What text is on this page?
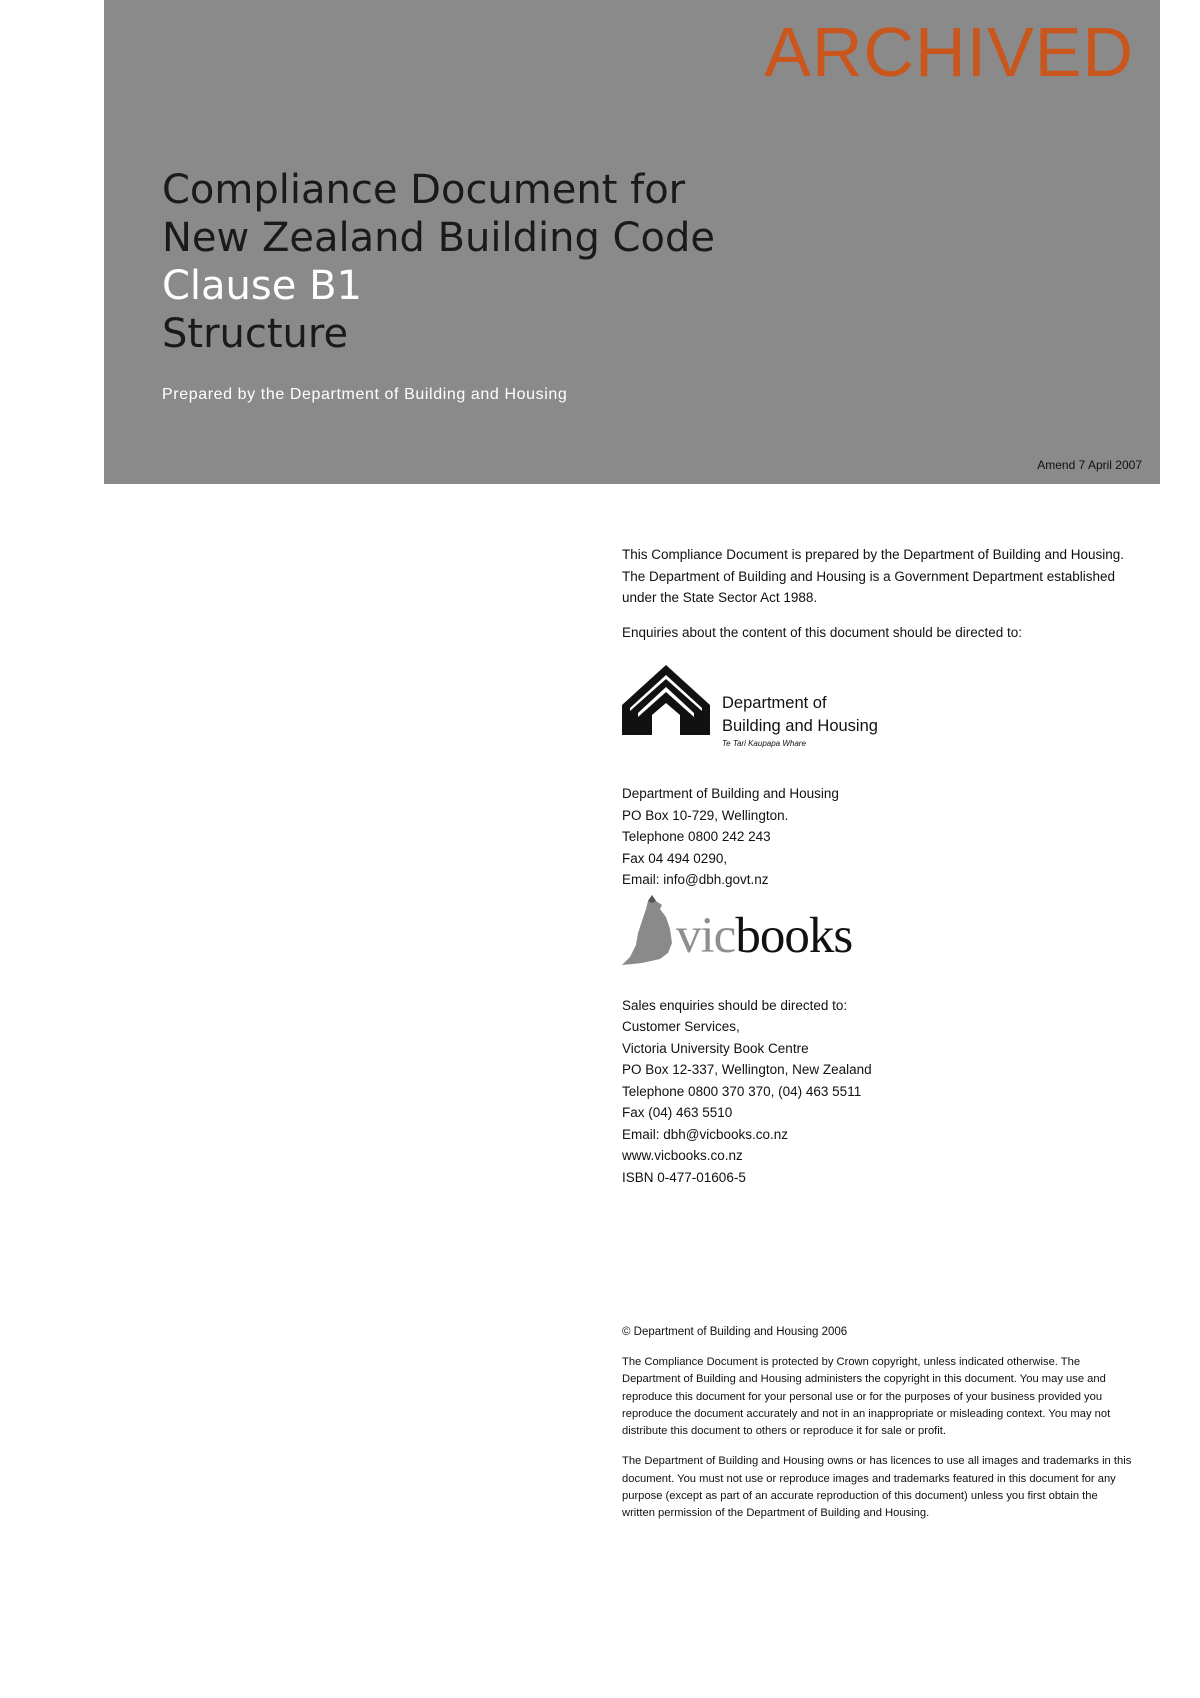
ARCHIVED
Compliance Document for
New Zealand Building Code
Clause B1
Structure
Prepared by the Department of Building and Housing
Amend 7 April 2007

This Compliance Document is prepared by the Department of Building and Housing. The Department of Building and Housing is a Government Department established under the State Sector Act 1988.

Enquiries about the content of this document should be directed to:

Department of
Building and Housing
Te Tari Kaupapa Whare

Department of Building and Housing
PO Box 10-729, Wellington.
Telephone 0800 242 243
Fax 04 494 0290,
Email: info@dbh.govt.nz

vicbooks

Sales enquiries should be directed to:
Customer Services,
Victoria University Book Centre
PO Box 12-337, Wellington, New Zealand
Telephone 0800 370 370, (04) 463 5511
Fax (04) 463 5510
Email: dbh@vicbooks.co.nz
www.vicbooks.co.nz

ISBN 0-477-01606-5

© Department of Building and Housing 2006

The Compliance Document is protected by Crown copyright, unless indicated otherwise. The Department of Building and Housing administers the copyright in this document. You may use and reproduce this document for your personal use or for the purposes of your business provided you reproduce the document accurately and not in an inappropriate or misleading context. You may not distribute this document to others or reproduce it for sale or profit.

The Department of Building and Housing owns or has licences to use all images and trademarks in this document. You must not use or reproduce images and trademarks featured in this document for any purpose (except as part of an accurate reproduction of this document) unless you first obtain the written permission of the Department of Building and Housing.
